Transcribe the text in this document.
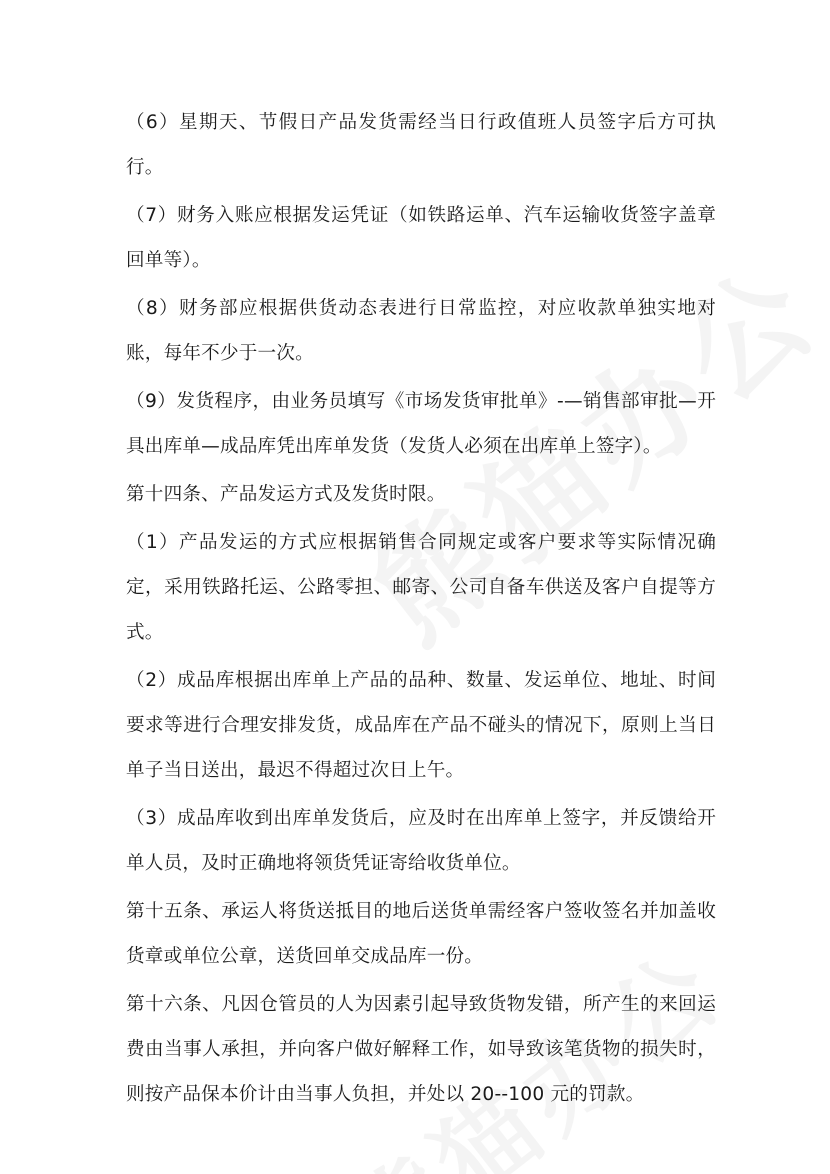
（6）星期天、节假日产品发货需经当日行政值班人员签字后方可执行。

（7）财务入账应根据发运凭证（如铁路运单、汽车运输收货签字盖章回单等）。

（8）财务部应根据供货动态表进行日常监控，对应收款单独实地对账，每年不少于一次。

（9）发货程序，由业务员填写《市场发货审批单》-—销售部审批—开具出库单—成品库凭出库单发货（发货人必须在出库单上签字）。

第十四条、产品发运方式及发货时限。

（1）产品发运的方式应根据销售合同规定或客户要求等实际情况确定，采用铁路托运、公路零担、邮寄、公司自备车供送及客户自提等方式。

（2）成品库根据出库单上产品的品种、数量、发运单位、地址、时间要求等进行合理安排发货，成品库在产品不碰头的情况下，原则上当日单子当日送出，最迟不得超过次日上午。

（3）成品库收到出库单发货后，应及时在出库单上签字，并反馈给开单人员，及时正确地将领货凭证寄给收货单位。

第十五条、承运人将货送抵目的地后送货单需经客户签收签名并加盖收货章或单位公章，送货回单交成品库一份。

第十六条、凡因仓管员的人为因素引起导致货物发错，所产生的来回运费由当事人承担，并向客户做好解释工作，如导致该笔货物的损失时，则按产品保本价计由当事人负担，并处以 20--100 元的罚款。
